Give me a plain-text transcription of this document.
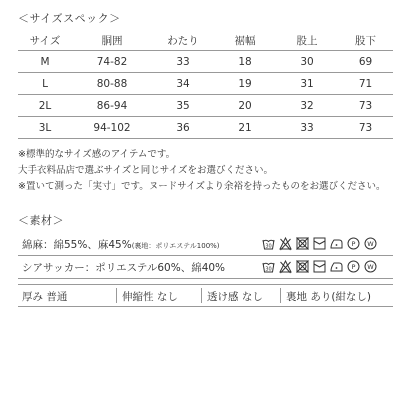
＜サイズスペック＞
サイズ	胴囲	わたり	裾幅	股上	股下
M	74-82	33	18	30	69
L	80-88	34	19	31	71
2L	86-94	35	20	32	73
3L	94-102	36	21	33	73
※標準的なサイズ感のアイテムです。
大手衣料品店で選ぶサイズと同じサイズをお選びください。
※置いて測った「実寸」です。ヌードサイズより余裕を持ったものをお選びください。
＜素材＞
綿麻：綿55%、麻45%(裏地：ポリエステル100%)	30	P W
シアサッカー：ポリエステル60%、綿40%	30	P W
厚み 普通	伸縮性 なし	透け感 なし 裏地 あり(紺なし)
